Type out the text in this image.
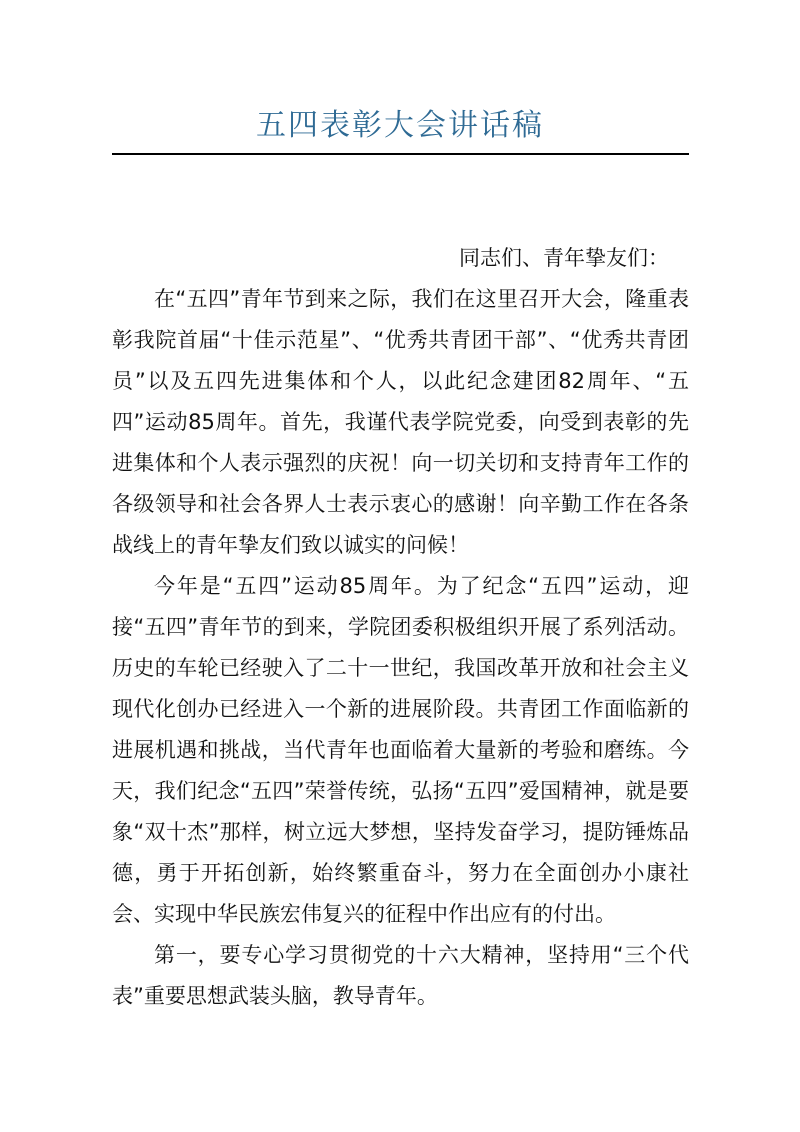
五四表彰大会讲话稿

同志们、青年挚友们：

在“五四”青年节到来之际，我们在这里召开大会，隆重表彰我院首届“十佳示范星”、“优秀共青团干部”、“优秀共青团员”以及五四先进集体和个人，以此纪念建团82周年、“五四”运动85周年。首先，我谨代表学院党委，向受到表彰的先进集体和个人表示强烈的庆祝！向一切关切和支持青年工作的各级领导和社会各界人士表示衷心的感谢！向辛勤工作在各条战线上的青年挚友们致以诚实的问候！

今年是“五四”运动85周年。为了纪念“五四”运动，迎接“五四”青年节的到来，学院团委积极组织开展了系列活动。历史的车轮已经驶入了二十一世纪，我国改革开放和社会主义现代化创办已经进入一个新的进展阶段。共青团工作面临新的进展机遇和挑战，当代青年也面临着大量新的考验和磨练。今天，我们纪念“五四”荣誉传统，弘扬“五四”爱国精神，就是要象“双十杰”那样，树立远大梦想，坚持发奋学习，提防锤炼品德，勇于开拓创新，始终繁重奋斗，努力在全面创办小康社会、实现中华民族宏伟复兴的征程中作出应有的付出。

第一，要专心学习贯彻党的十六大精神，坚持用“三个代表”重要思想武装头脑，教导青年。
